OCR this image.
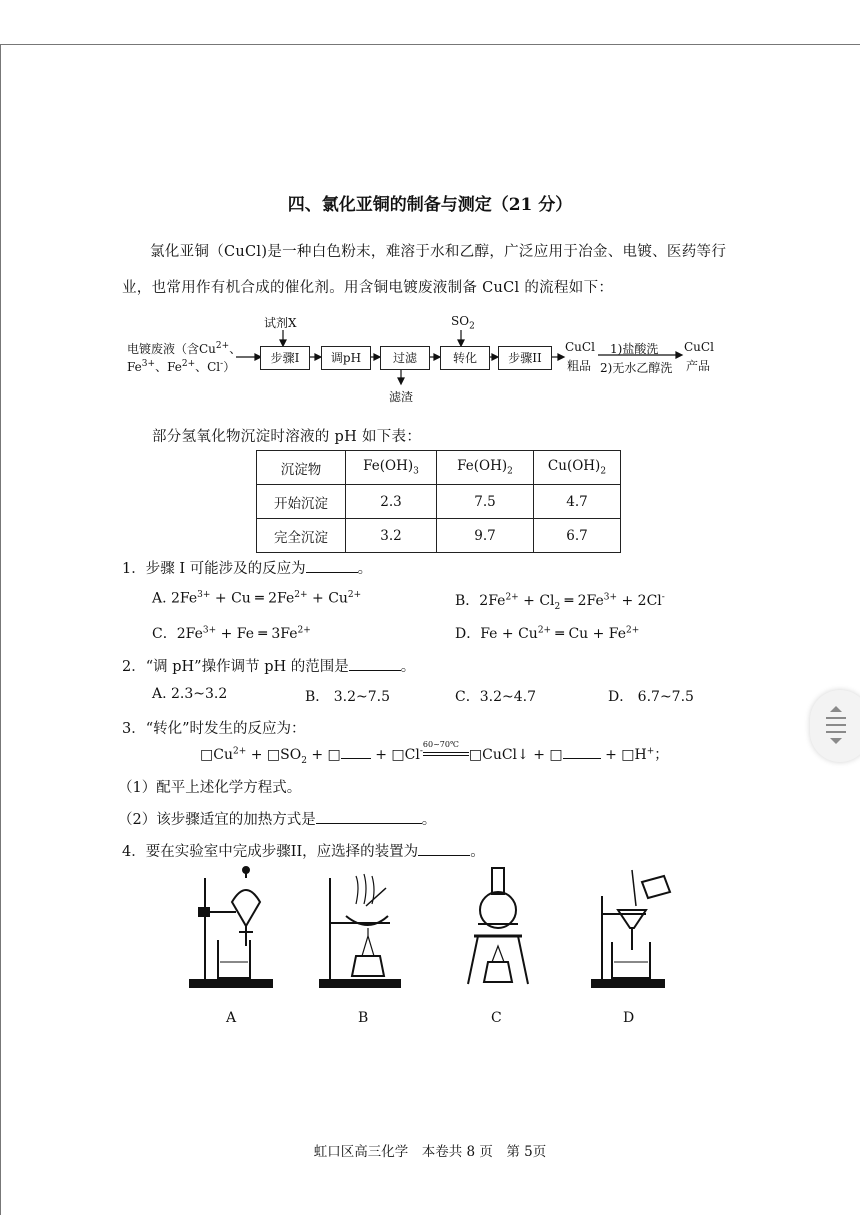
四、氯化亚铜的制备与测定（21 分）
氯化亚铜（CuCl)是一种白色粉末，难溶于水和乙醇，广泛应用于冶金、电镀、医药等行
业，也常用作有机合成的催化剂。用含铜电镀废液制备 CuCl 的流程如下：
试剂X	$SO_2$
电镀废液（含$Cu^{2+}$、
$Fe^{3+}$、$Fe^{2+}$、Cl-）
步骤I	调pH	过滤	转化	步骤II
滤渣
CuCl
粗品
1)盐酸洗
2)无水乙醇洗
CuCl
产品
部分氢氧化物沉淀时溶液的 pH 如下表：
沉淀物	$Fe(OH)_3$	$Fe(OH)_2$	$Cu(OH)_2$
开始沉淀	2.3	7.5	4.7
完全沉淀	3.2	9.7	6.7
1．步骤 I 可能涉及的反应为	。
A. $2Fe^{3+} + Cu$ ═ $2Fe^{2+} + Cu^{2+}$	B．$2Fe^{2+} + Cl_2$ ═ $2Fe^{3+} + 2Cl^-$
C．$2Fe^{3+} + Fe$ ═ $3Fe^{2+}$	D．$Fe + Cu^{2+}$ ═ $Cu + Fe^{2+}$
2．“调 pH”操作调节 pH 的范围是	。
A. 2.3~3.2	B． 3.2~7.5	C．3.2~4.7	D． 6.7~7.5
3．“转化”时发生的反应为：
$□Cu^{2+}$ + $□SO_2$ + □ + □Cl-
60~70℃
□CuCl↓ + □	+ □H+；
（1）配平上述化学方程式。
（2）该步骤适宜的加热方式是	。
4．要在实验室中完成步骤II，应选择的装置为	。
A	B	C	D
虹口区高三化学　本卷共 8 页　第 5页
